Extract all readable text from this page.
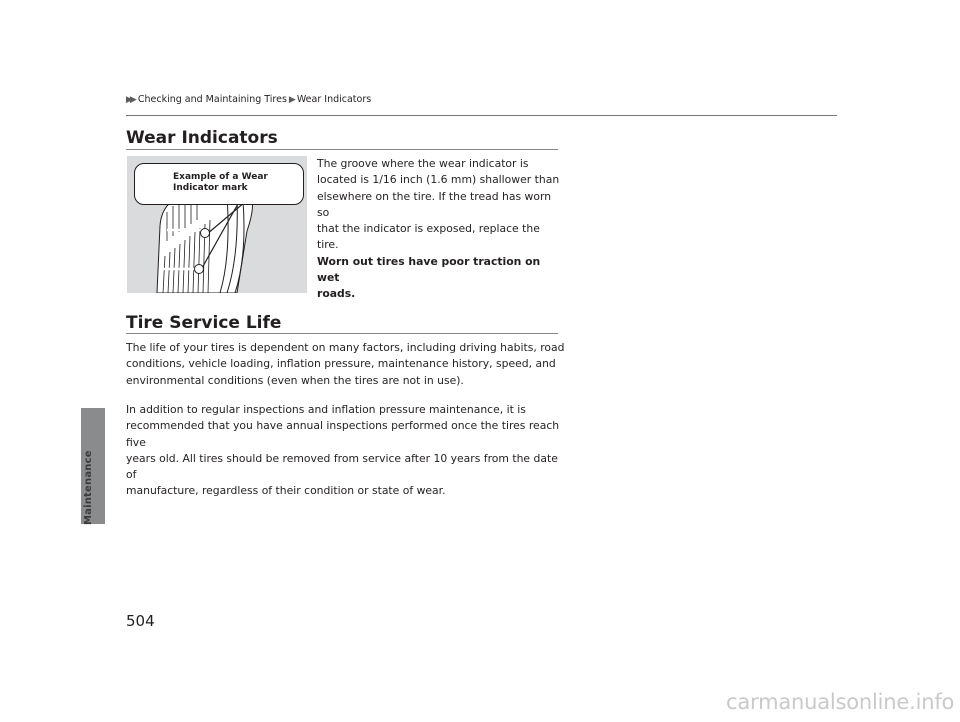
Maintenance
▶▶ Checking and Maintaining Tires ▶ Wear Indicators
Wear Indicators
Example of a Wear Indicator mark
The groove where the wear indicator is
located is 1/16 inch (1.6 mm) shallower than
elsewhere on the tire. If the tread has worn so
that the indicator is exposed, replace the tire.
Worn out tires have poor traction on wet
roads.
Tire Service Life
The life of your tires is dependent on many factors, including driving habits, road
conditions, vehicle loading, inflation pressure, maintenance history, speed, and
environmental conditions (even when the tires are not in use).
In addition to regular inspections and inflation pressure maintenance, it is
recommended that you have annual inspections performed once the tires reach five
years old. All tires should be removed from service after 10 years from the date of
manufacture, regardless of their condition or state of wear.
504
carmanualsonline.info
